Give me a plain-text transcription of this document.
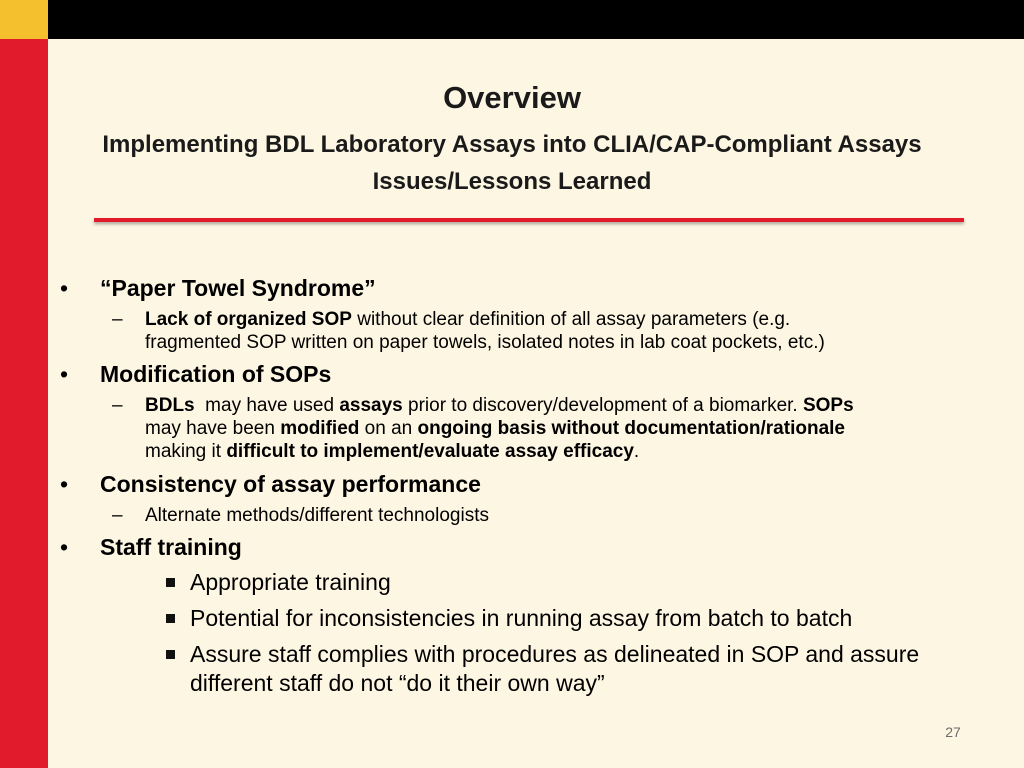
Overview
Implementing BDL Laboratory Assays into CLIA/CAP-Compliant Assays
Issues/Lessons Learned
• “Paper Towel Syndrome”
– Lack of organized SOP without clear definition of all assay parameters (e.g.
fragmented SOP written on paper towels, isolated notes in lab coat pockets, etc.)
• Modification of SOPs
– BDLs  may have used assays prior to discovery/development of a biomarker. SOPs
may have been modified on an ongoing basis without documentation/rationale
making it difficult to implement/evaluate assay efficacy.
• Consistency of assay performance
– Alternate methods/different technologists
• Staff training
Appropriate training
Potential for inconsistencies in running assay from batch to batch
Assure staff complies with procedures as delineated in SOP and assure
different staff do not “do it their own way”
27
